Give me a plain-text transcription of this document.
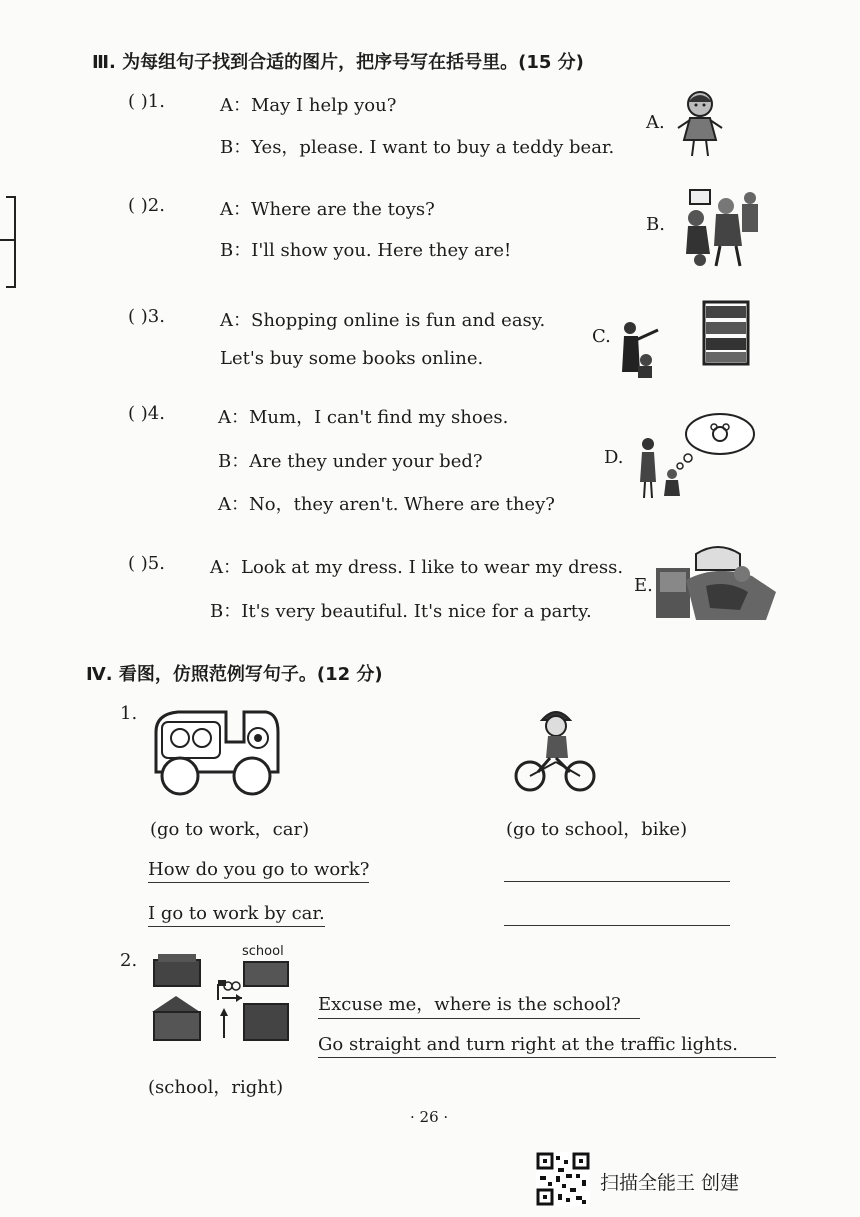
Ⅲ. 为每组句子找到合适的图片，把序号写在括号里。(15 分)
( )1.	A：May I help you?
B：Yes，please. I want to buy a teddy bear.
( )2.	A：Where are the toys?
B：I'll show you. Here they are!
( )3.	A：Shopping online is fun and easy.
Let's buy some books online.
( )4.	A：Mum，I can't find my shoes.
B：Are they under your bed?
A：No，they aren't. Where are they?
( )5.	A：Look at my dress. I like to wear my dress.
B：It's very beautiful. It's nice for a party.
A.
B.
C.
D.
E.
Ⅳ. 看图，仿照范例写句子。(12 分)
1.
(go to work，car)	(go to school，bike)
How do you go to work?
I go to work by car.
2.	school
Excuse me，where is the school?
Go straight and turn right at the traffic lights.
(school，right)
· 26 ·
扫描全能王 创建
